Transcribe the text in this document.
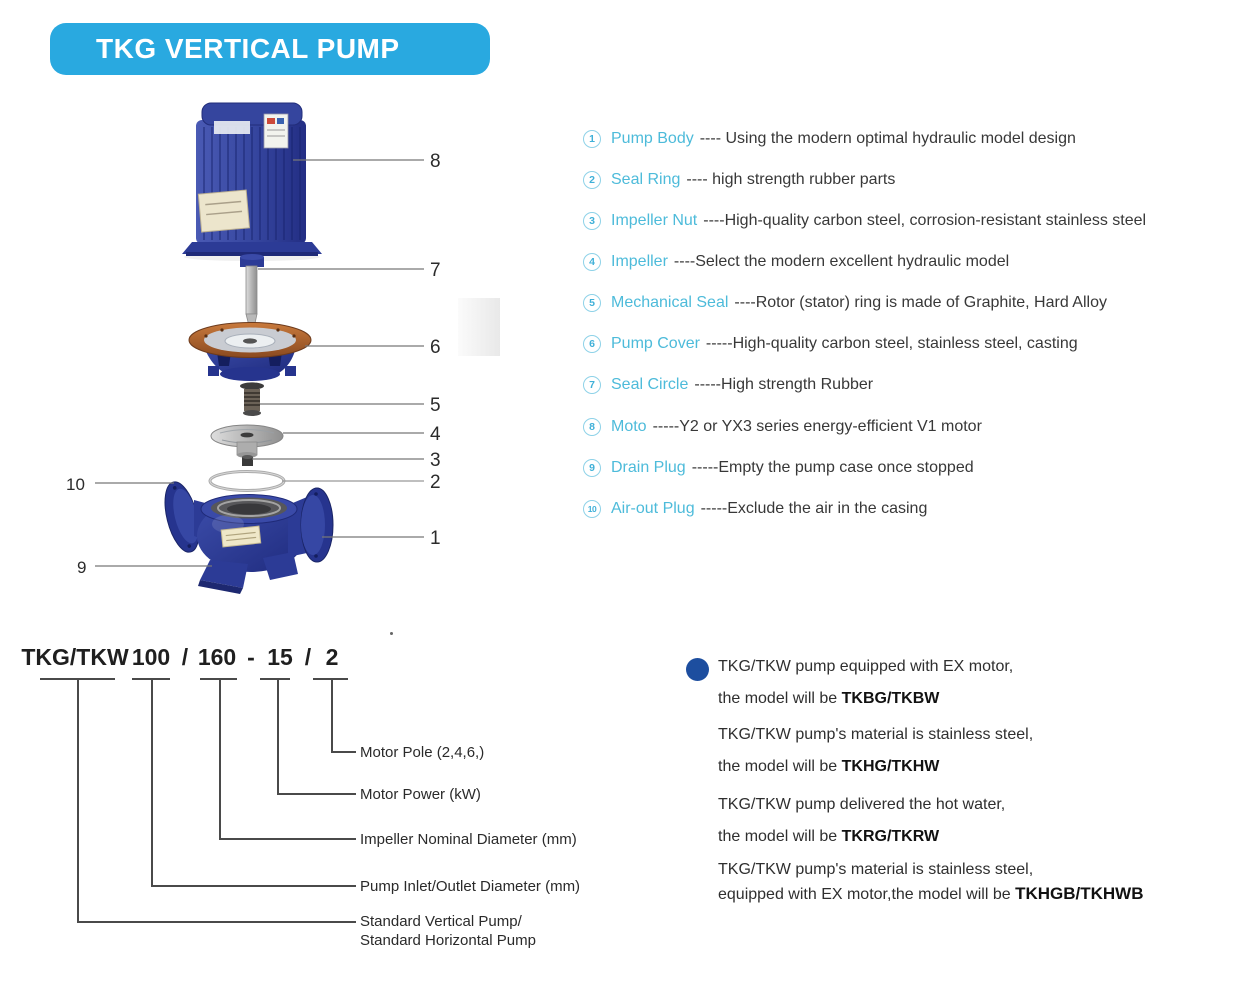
TKG VERTICAL PUMP
8
7
6
5
4
3
2
1
10
9
1	Pump Body ---- Using the modern optimal hydraulic model design
2	Seal Ring ---- high strength rubber parts
3	Impeller Nut ----High-quality carbon steel, corrosion-resistant stainless steel
4	Impeller ----Select the modern excellent hydraulic model
5	Mechanical Seal ----Rotor (stator) ring is made of Graphite, Hard Alloy
6	Pump Cover -----High-quality carbon steel, stainless steel, casting
7	Seal Circle -----High strength Rubber
8	Moto -----Y2 or YX3 series energy-efficient V1 motor
9	Drain Plug -----Empty the pump case once stopped
10 Air-out Plug -----Exclude the air in the casing
TKG/TKW 100 / 160 - 15 / 2
Motor Pole (2,4,6,)
Motor Power (kW)
Impeller Nominal Diameter (mm)
Pump Inlet/Outlet Diameter (mm)
Standard Vertical Pump/
Standard Horizontal Pump
TKG/TKW pump equipped with EX motor,
the model will be TKBG/TKBW
TKG/TKW pump's material is stainless steel,
the model will be TKHG/TKHW
TKG/TKW pump delivered the hot water,
the model will be TKRG/TKRW
TKG/TKW pump's material is stainless steel,
equipped with EX motor,the model will be TKHGB/TKHWB
